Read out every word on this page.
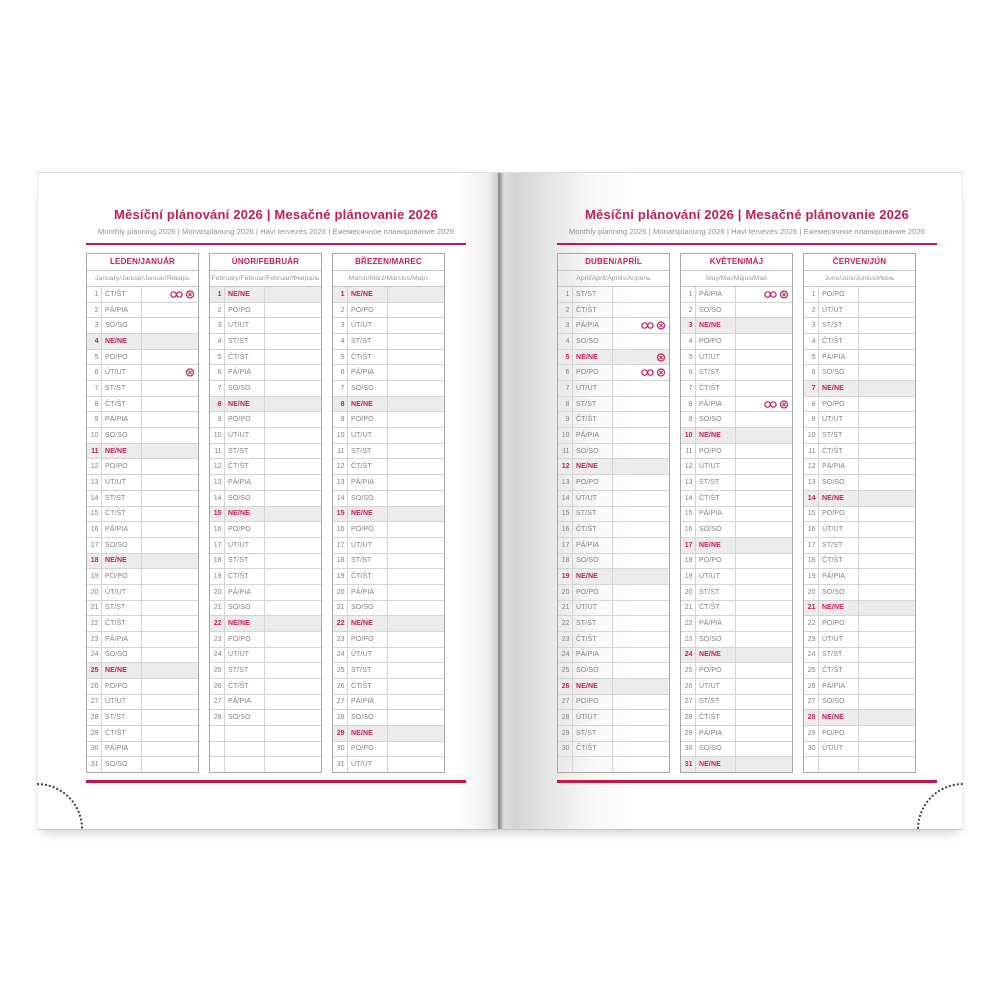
Měsíční plánování 2026 | Mesačné plánovanie 2026
Monthly planning 2026 | Monatsplanung 2026 | Havi tervezés 2026 | Ежемесячное планирование 2026
LEDEN/JANUÁR
January/Januar/Január/Январь
1 ČT/ŠT
2 PÁ/PIA
3 SO/SO
4 NE/NE
5 PO/PO
6 ÚT/UT
7 ST/ST
8 ČT/ŠT
9 PÁ/PIA
10 SO/SO
11 NE/NE
12 PO/PO
13 ÚT/UT
14 ST/ST
15 ČT/ŠT
16 PÁ/PIA
17 SO/SO
18 NE/NE
19 PO/PO
20 ÚT/UT
21 ST/ST
22 ČT/ŠT
23 PÁ/PIA
24 SO/SO
25 NE/NE
26 PO/PO
27 ÚT/UT
28 ST/ST
29 ČT/ŠT
30 PÁ/PIA
31 SO/SO
ÚNOR/FEBRUÁR
February/Februar/Február/Февраль
1 NE/NE
2 PO/PO
3 ÚT/UT
4 ST/ST
5 ČT/ŠT
6 PÁ/PIA
7 SO/SO
8 NE/NE
9 PO/PO
10 ÚT/UT
11 ST/ST
12 ČT/ŠT
13 PÁ/PIA
14 SO/SO
15 NE/NE
16 PO/PO
17 ÚT/UT
18 ST/ST
19 ČT/ŠT
20 PÁ/PIA
21 SO/SO
22 NE/NE
23 PO/PO
24 ÚT/UT
25 ST/ST
26 ČT/ŠT
27 PÁ/PIA
28 SO/SO
BŘEZEN/MAREC
March/März/Március/Март
1 NE/NE
2 PO/PO
3 ÚT/UT
4 ST/ST
5 ČT/ŠT
6 PÁ/PIA
7 SO/SO
8 NE/NE
9 PO/PO
10 ÚT/UT
11 ST/ST
12 ČT/ŠT
13 PÁ/PIA
14 SO/SO
15 NE/NE
16 PO/PO
17 ÚT/UT
18 ST/ST
19 ČT/ŠT
20 PÁ/PIA
21 SO/SO
22 NE/NE
23 PO/PO
24 ÚT/UT
25 ST/ST
26 ČT/ŠT
27 PÁ/PIA
28 SO/SO
29 NE/NE
30 PO/PO
31 ÚT/UT
Měsíční plánování 2026 | Mesačné plánovanie 2026
Monthly planning 2026 | Monatsplanung 2026 | Havi tervezés 2026 | Ежемесячное планирование 2026
DUBEN/APRÍL
April/April/Április/Апрель
1 ST/ST
2 ČT/ŠT
3 PÁ/PIA
4 SO/SO
5 NE/NE
6 PO/PO
7 ÚT/UT
8 ST/ST
9 ČT/ŠT
10 PÁ/PIA
11 SO/SO
12 NE/NE
13 PO/PO
14 ÚT/UT
15 ST/ST
16 ČT/ŠT
17 PÁ/PIA
18 SO/SO
19 NE/NE
20 PO/PO
21 ÚT/UT
22 ST/ST
23 ČT/ŠT
24 PÁ/PIA
25 SO/SO
26 NE/NE
27 PO/PO
28 ÚT/UT
29 ST/ST
30 ČT/ŠT
KVĚTEN/MÁJ
May/Mai/Május/Май
1 PÁ/PIA
2 SO/SO
3 NE/NE
4 PO/PO
5 ÚT/UT
6 ST/ST
7 ČT/ŠT
8 PÁ/PIA
9 SO/SO
10 NE/NE
11 PO/PO
12 ÚT/UT
13 ST/ST
14 ČT/ŠT
15 PÁ/PIA
16 SO/SO
17 NE/NE
18 PO/PO
19 ÚT/UT
20 ST/ST
21 ČT/ŠT
22 PÁ/PIA
23 SO/SO
24 NE/NE
25 PO/PO
26 ÚT/UT
27 ST/ST
28 ČT/ŠT
29 PÁ/PIA
30 SO/SO
31 NE/NE
ČERVEN/JÚN
June/Juni/Június/Июнь
1 PO/PO
2 ÚT/UT
3 ST/ST
4 ČT/ŠT
5 PÁ/PIA
6 SO/SO
7 NE/NE
8 PO/PO
9 ÚT/UT
10 ST/ST
11 ČT/ŠT
12 PÁ/PIA
13 SO/SO
14 NE/NE
15 PO/PO
16 ÚT/UT
17 ST/ST
18 ČT/ŠT
19 PÁ/PIA
20 SO/SO
21 NE/NE
22 PO/PO
23 ÚT/UT
24 ST/ST
25 ČT/ŠT
26 PÁ/PIA
27 SO/SO
28 NE/NE
29 PO/PO
30 ÚT/UT
